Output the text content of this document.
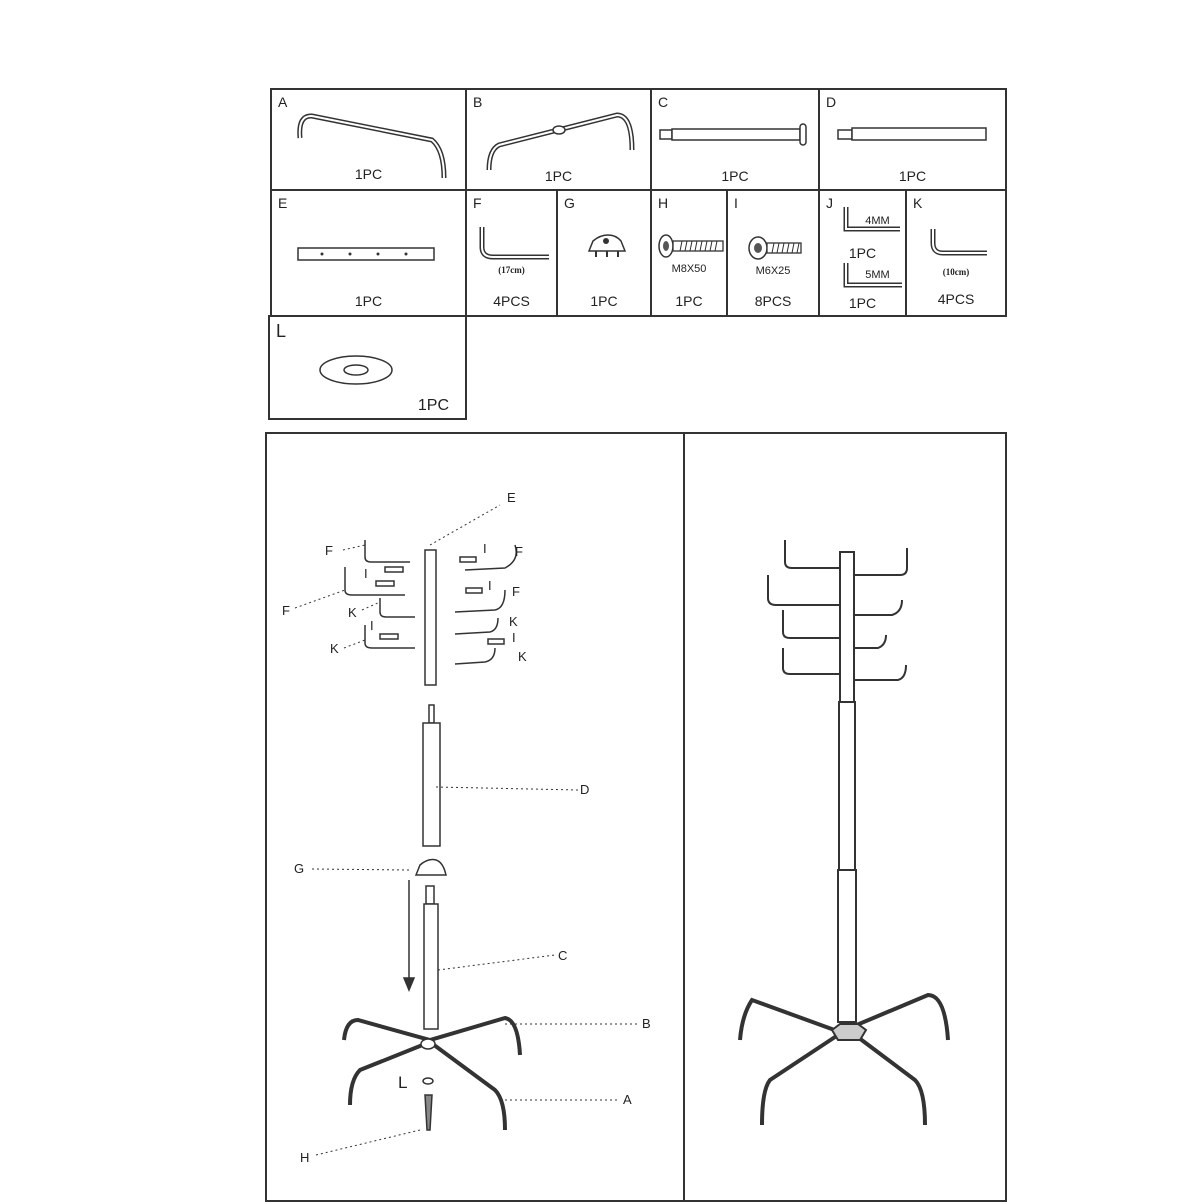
A
1PC
B
1PC
C
1PC
D
1PC
E
1PC
F
(17cm)
4PCS
G
1PC
H
M8X50
1PC
I
M6X25
8PCS
J
4MM
1PC
5MM
1PC
K
(10cm)
4PCS
L
1PC
E
F
F
F
F
I
I
I
I
I
K
K
K
K
D
G
C
B
L
A
H
